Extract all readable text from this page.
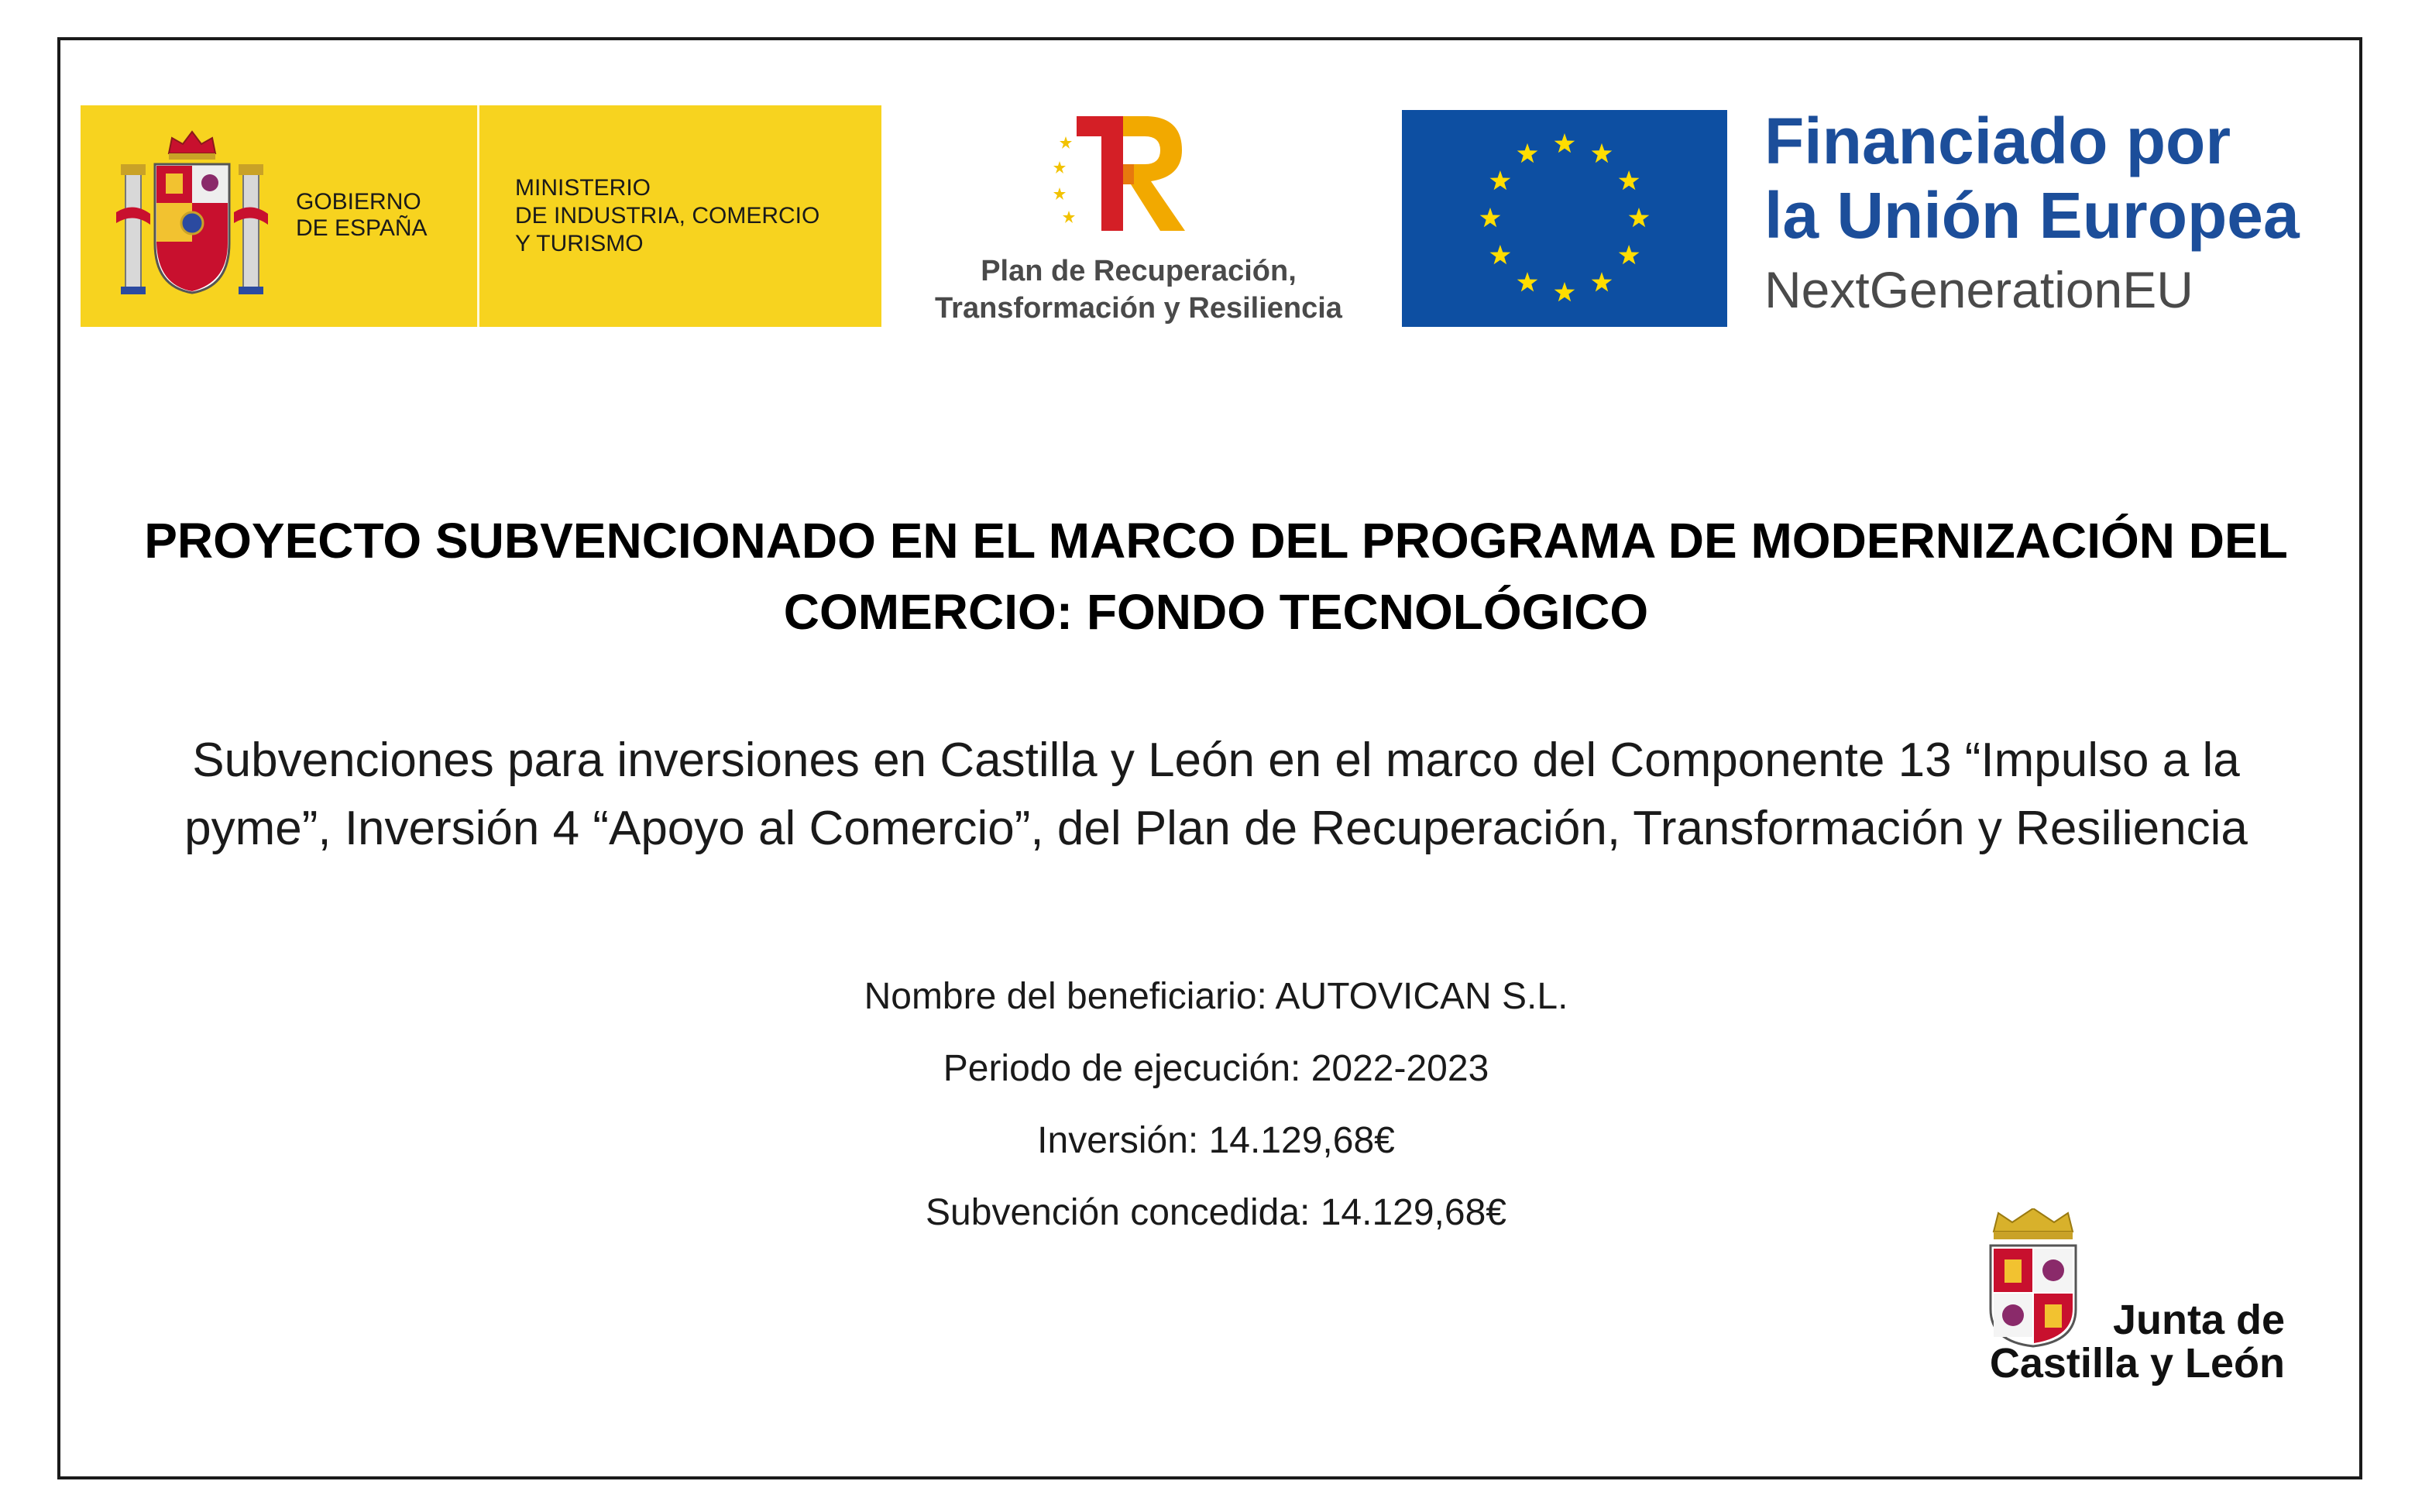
GOBIERNO
DE ESPAÑA
MINISTERIO
DE INDUSTRIA, COMERCIO
Y TURISMO
Plan de Recuperación,
Transformación y Resiliencia
Financiado por
la Unión Europea
NextGenerationEU
PROYECTO SUBVENCIONADO EN EL MARCO DEL PROGRAMA DE MODERNIZACIÓN DEL COMERCIO: FONDO TECNOLÓGICO
Subvenciones para inversiones en Castilla y León en el marco del Componente 13 “Impulso a la pyme”, Inversión 4 “Apoyo al Comercio”, del Plan de Recuperación, Transformación y Resiliencia
Nombre del beneficiario: AUTOVICAN S.L.
Periodo de ejecución: 2022-2023
Inversión: 14.129,68€
Subvención concedida: 14.129,68€
Junta de
Castilla y León
